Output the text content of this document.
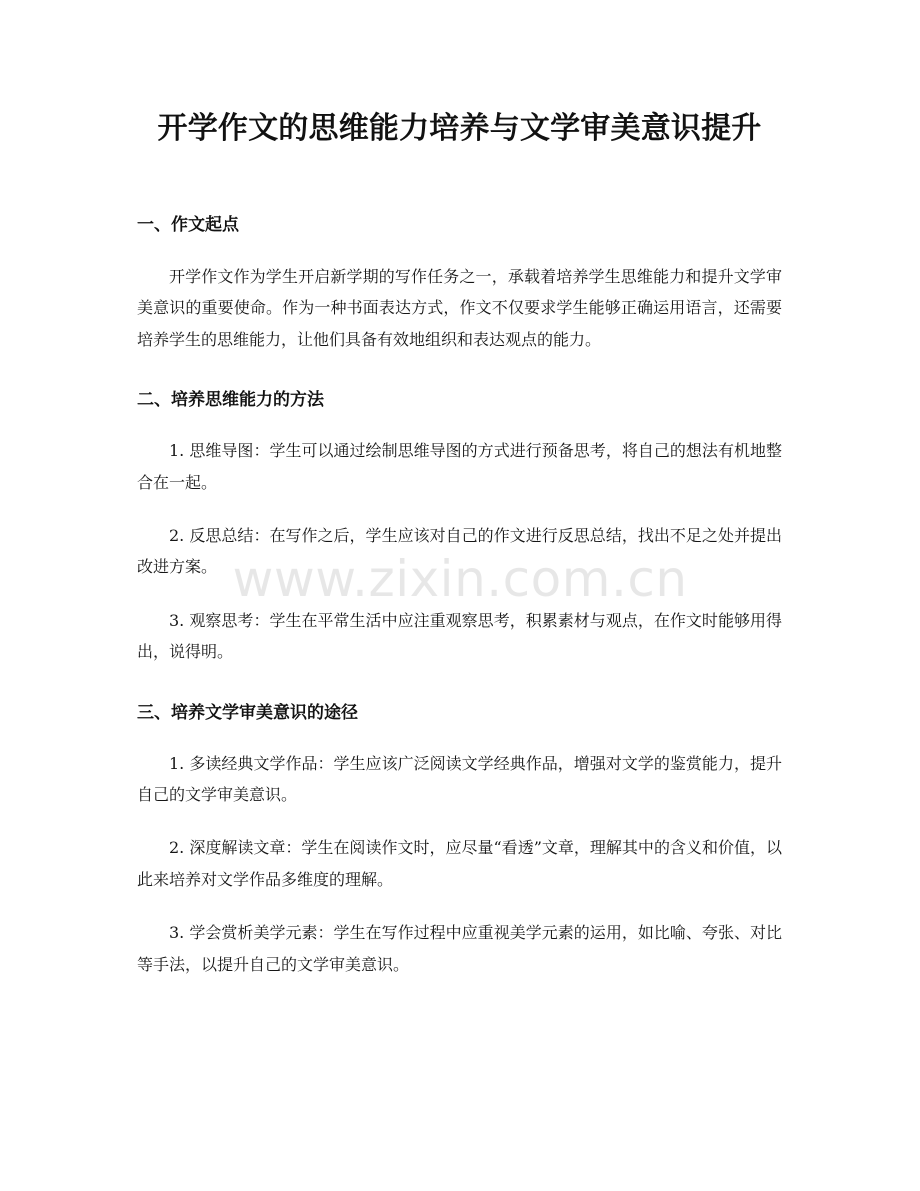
开学作文的思维能力培养与文学审美意识提升
一、作文起点

开学作文作为学生开启新学期的写作任务之一，承载着培养学生思维能力和提升文学审美意识的重要使命。作为一种书面表达方式，作文不仅要求学生能够正确运用语言，还需要培养学生的思维能力，让他们具备有效地组织和表达观点的能力。

二、培养思维能力的方法

1. 思维导图：学生可以通过绘制思维导图的方式进行预备思考，将自己的想法有机地整合在一起。

2. 反思总结：在写作之后，学生应该对自己的作文进行反思总结，找出不足之处并提出改进方案。

3. 观察思考：学生在平常生活中应注重观察思考，积累素材与观点，在作文时能够用得出，说得明。

三、培养文学审美意识的途径

1. 多读经典文学作品：学生应该广泛阅读文学经典作品，增强对文学的鉴赏能力，提升自己的文学审美意识。

2. 深度解读文章：学生在阅读作文时，应尽量“看透”文章，理解其中的含义和价值，以此来培养对文学作品多维度的理解。

3. 学会赏析美学元素：学生在写作过程中应重视美学元素的运用，如比喻、夸张、对比等手法，以提升自己的文学审美意识。

www.zixin.com.cn
